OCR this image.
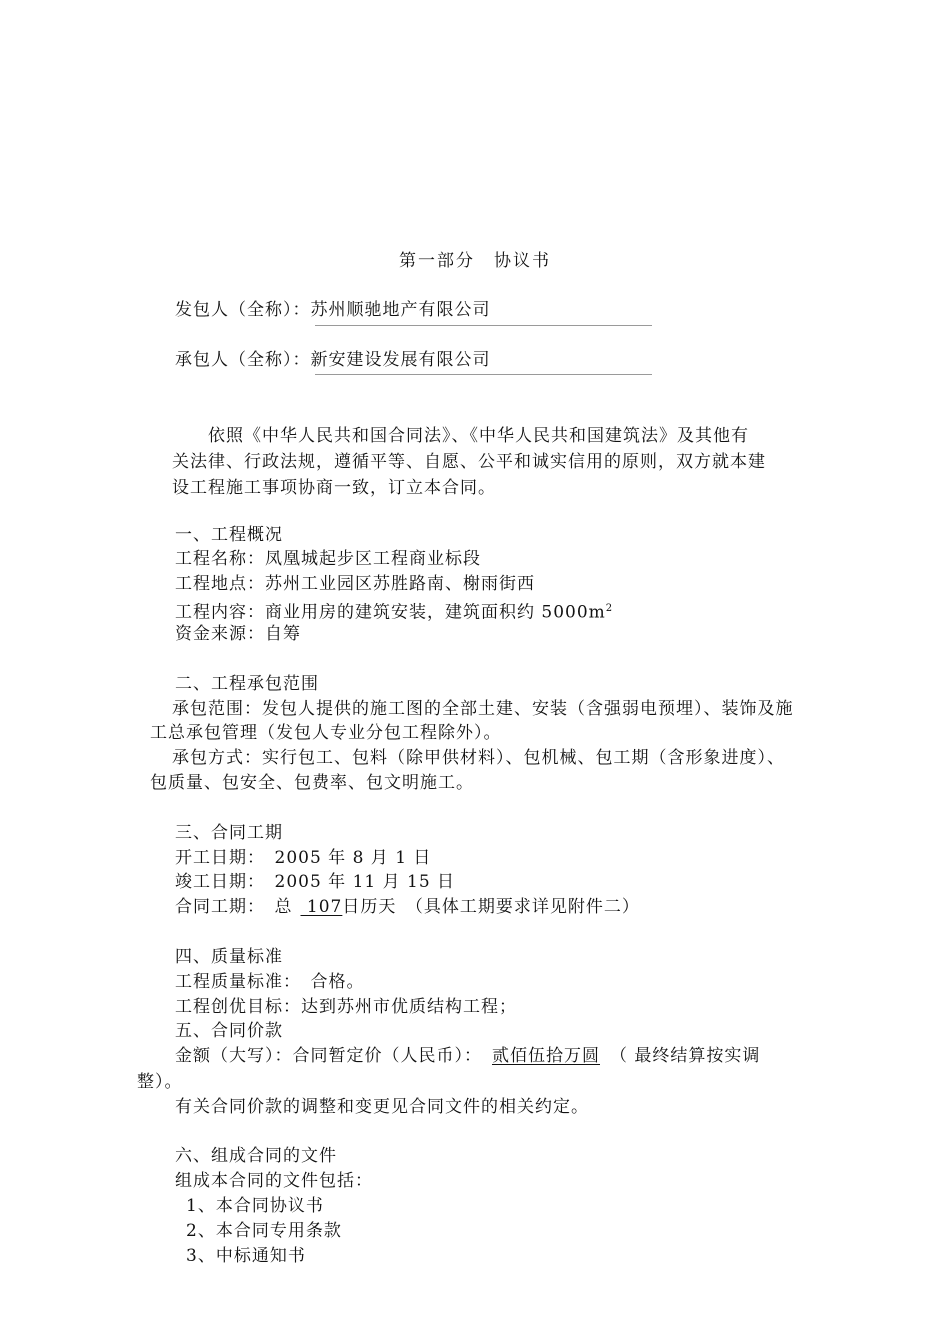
第一部分　协议书
发包人（全称）：苏州顺驰地产有限公司
承包人（全称）：新安建设发展有限公司
依照《中华人民共和国合同法》、《中华人民共和国建筑法》及其他有
关法律、行政法规，遵循平等、自愿、公平和诚实信用的原则，双方就本建
设工程施工事项协商一致，订立本合同。
一、工程概况
工程名称：凤凰城起步区工程商业标段
工程地点：苏州工业园区苏胜路南、榭雨街西
工程内容：商业用房的建筑安装，建筑面积约 $5000m^2$
资金来源：自筹
二、工程承包范围
承包范围：发包人提供的施工图的全部土建、安装（含强弱电预埋）、装饰及施
工总承包管理（发包人专业分包工程除外）。
承包方式：实行包工、包料（除甲供材料）、包机械、包工期（含形象进度）、
包质量、包安全、包费率、包文明施工。
三、合同工期
开工日期：　2005 年 8 月 1 日
竣工日期：　2005 年 11 月 15 日
合同工期：　总 107日历天　（具体工期要求详见附件二）
四、质量标准
工程质量标准：　合格。
工程创优目标：达到苏州市优质结构工程；
五、合同价款
金额（大写）：合同暂定价（人民币）： 贰佰伍拾万圆 （ 最终结算按实调
整）。
有关合同价款的调整和变更见合同文件的相关约定。
六、组成合同的文件
组成本合同的文件包括：
1、本合同协议书
2、本合同专用条款
3、中标通知书
